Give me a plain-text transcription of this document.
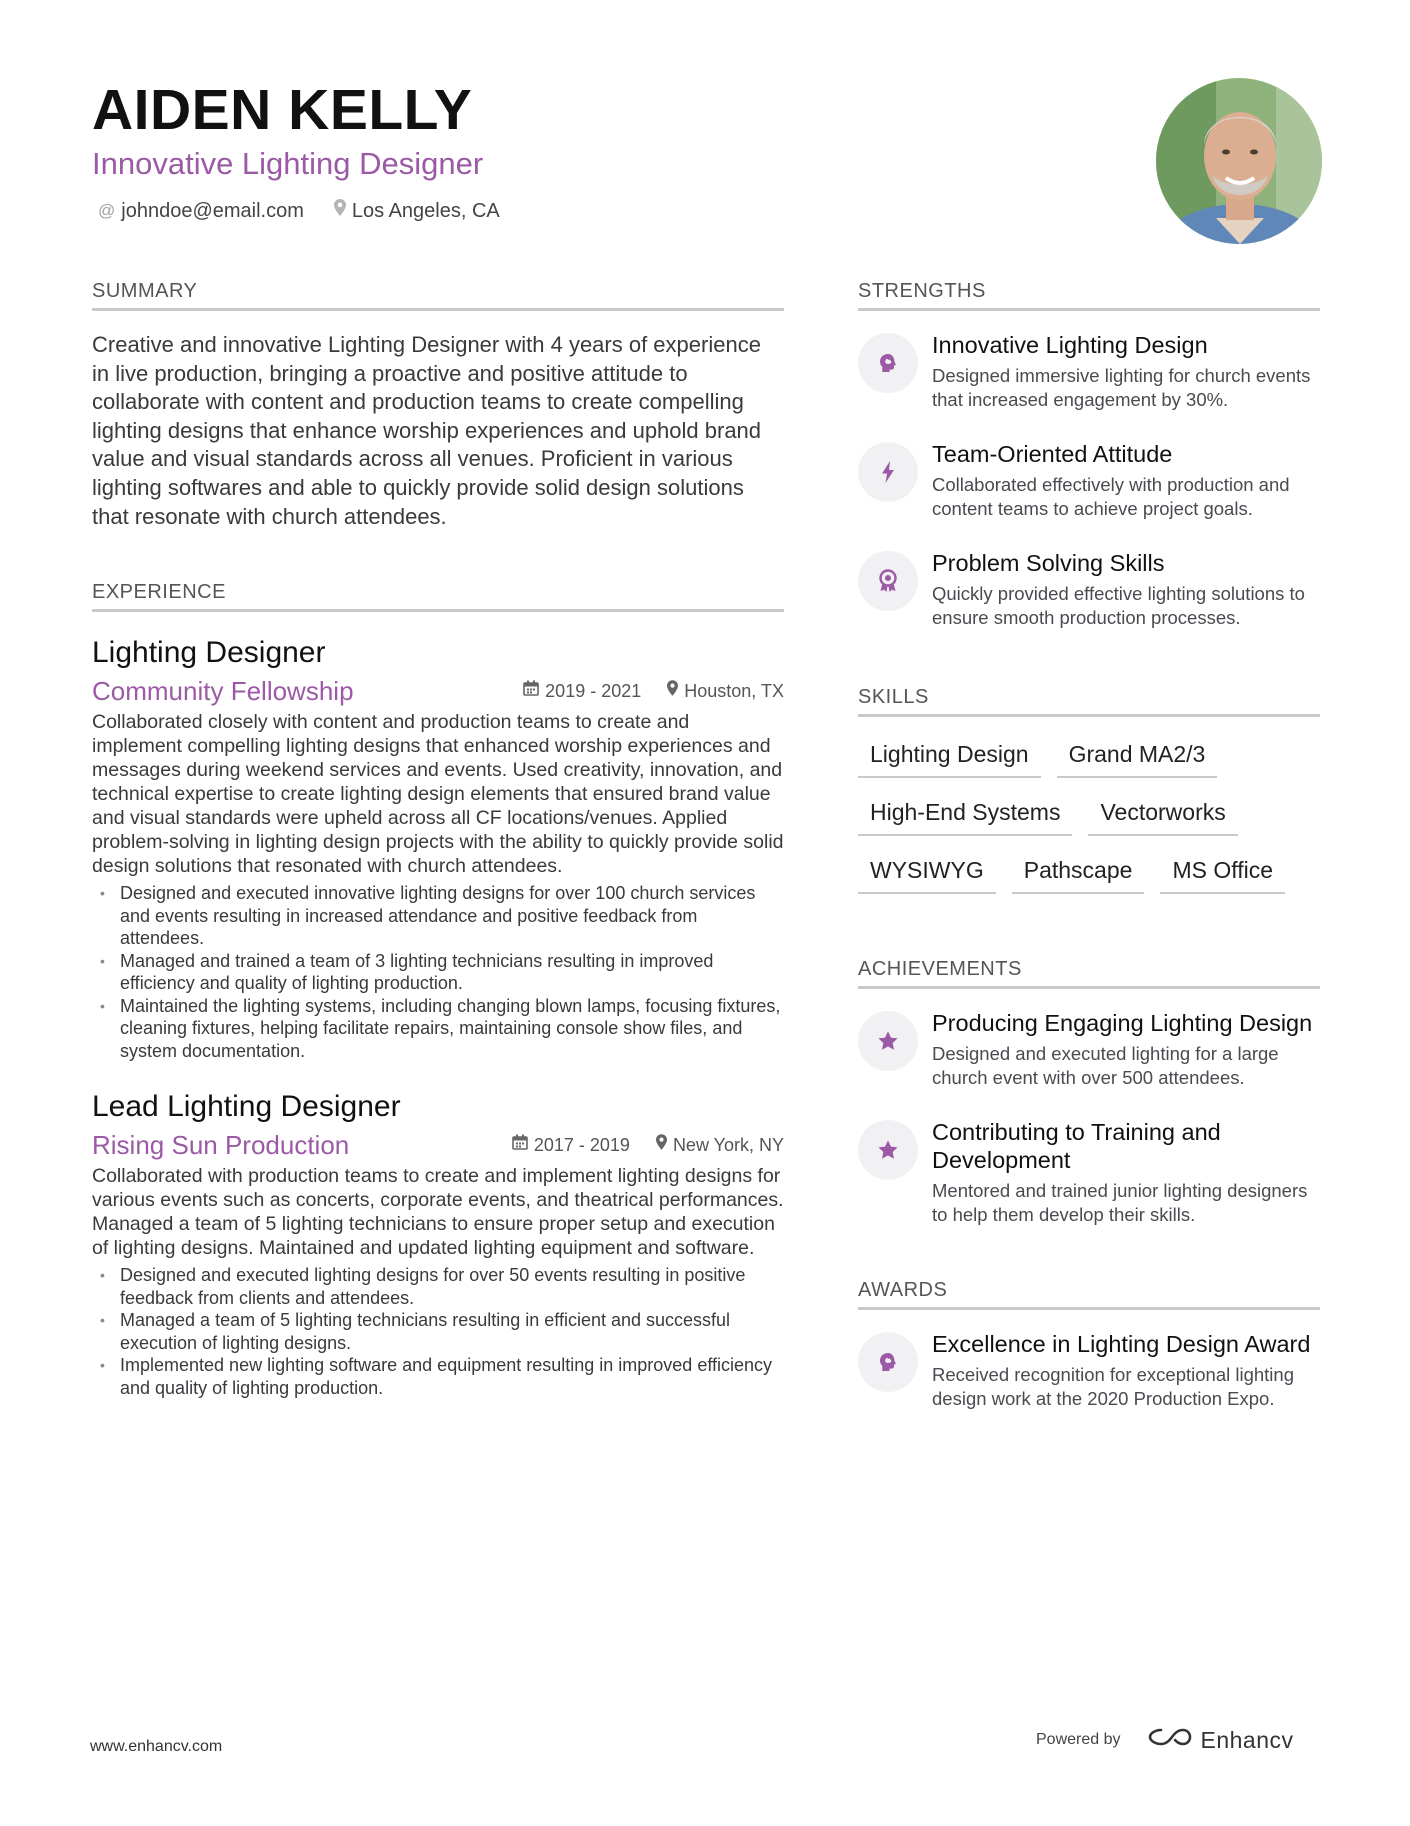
AIDEN KELLY
Innovative Lighting Designer
@ johndoe@email.com Los Angeles, CA
SUMMARY
Creative and innovative Lighting Designer with 4 years of experience in live production, bringing a proactive and positive attitude to collaborate with content and production teams to create compelling lighting designs that enhance worship experiences and uphold brand value and visual standards across all venues. Proficient in various lighting softwares and able to quickly provide solid design solutions that resonate with church attendees.
EXPERIENCE
Lighting Designer
Community Fellowship	2019 - 2021 Houston, TX
Collaborated closely with content and production teams to create and implement compelling lighting designs that enhanced worship experiences and messages during weekend services and events. Used creativity, innovation, and technical expertise to create lighting design elements that ensured brand value and visual standards were upheld across all CF locations/venues. Applied problem-solving in lighting design projects with the ability to quickly provide solid design solutions that resonated with church attendees.
• Designed and executed innovative lighting designs for over 100 church services and events resulting in increased attendance and positive feedback from attendees.
• Managed and trained a team of 3 lighting technicians resulting in improved efficiency and quality of lighting production.
• Maintained the lighting systems, including changing blown lamps, focusing fixtures, cleaning fixtures, helping facilitate repairs, maintaining console show files, and system documentation.
Lead Lighting Designer
Rising Sun Production	2017 - 2019 New York, NY
Collaborated with production teams to create and implement lighting designs for various events such as concerts, corporate events, and theatrical performances. Managed a team of 5 lighting technicians to ensure proper setup and execution of lighting designs. Maintained and updated lighting equipment and software.
• Designed and executed lighting designs for over 50 events resulting in positive feedback from clients and attendees.
• Managed a team of 5 lighting technicians resulting in efficient and successful execution of lighting designs.
• Implemented new lighting software and equipment resulting in improved efficiency and quality of lighting production.
STRENGTHS
Innovative Lighting Design
Designed immersive lighting for church events that increased engagement by 30%.
Team-Oriented Attitude
Collaborated effectively with production and content teams to achieve project goals.
Problem Solving Skills
Quickly provided effective lighting solutions to ensure smooth production processes.
SKILLS
Lighting Design	Grand MA2/3
High-End Systems	Vectorworks
WYSIWYG	Pathscape	MS Office
ACHIEVEMENTS
Producing Engaging Lighting Design
Designed and executed lighting for a large church event with over 500 attendees.
Contributing to Training and Development
Mentored and trained junior lighting designers to help them develop their skills.
AWARDS
Excellence in Lighting Design Award
Received recognition for exceptional lighting design work at the 2020 Production Expo.
www.enhancv.com	Powered by	Enhancv
